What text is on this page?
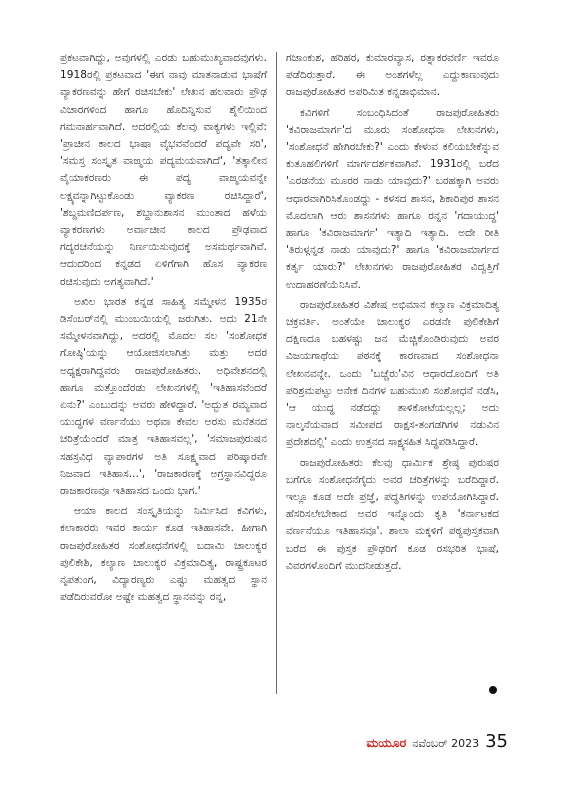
ಪ್ರಕಟವಾಗಿದ್ದು, ಅವುಗಳಲ್ಲಿ ಎರಡು ಬಹುಮುಖ್ಯವಾದವುಗಳು. 1918ರಲ್ಲಿ ಪ್ರಕಟವಾದ 'ಈಗ ನಾವು ಮಾತನಾಡುವ ಭಾಷೆಗೆ ವ್ಯಾಕರಣವನ್ನು ಹೇಗೆ ರಚಿಸಬೇಕು' ಲೇಖನ ಹಲವಾರು ಪ್ರೌಢ ವಿಚಾರಗಳಿಂದ ಹಾಗೂ ಹೊದಿನ್ನಿಸುವ ಶೈಲಿಯಿಂದ ಗಮನಾರ್ಹವಾಗಿದೆ. ಅದರಲ್ಲಿಯ ಕೆಲವು ವಾಕ್ಯಗಳು ಇಲ್ಲಿವೆ: 'ಪ್ರಾಚೀನ ಕಾಲದ ಭಾಷಾ ವೈಭವವೆಂದರೆ ಪದ್ಯವೇ ಸರಿ', 'ಸಮಸ್ತ ಸಂಸ್ಕೃತ ವಾಙ್ಮಯ ಪದ್ಯಮಯವಾಗಿದೆ', 'ತತ್ಕಾಲೀನ ವೈಯಾಕರಣರು ಈ ಪದ್ಯ ವಾಙ್ಮಯವನ್ನೇ ಲಕ್ಷ್ಯವನ್ನಾಗಿಟ್ಟುಕೊಂಡು ವ್ಯಾಕರಣ ರಚಿಸಿದ್ದಾರೆ', 'ಶಬ್ದಮಣಿದರ್ಪಣ, ಶಬ್ದಾನುಶಾಸನ ಮುಂತಾದ ಹಳೆಯ ವ್ಯಾಕರಣಗಳು ಅರ್ವಾಚೀನ ಕಾಲದ ಪ್ರೌಢವಾದ ಗದ್ಯರಚನೆಯನ್ನು ನಿರ್ಣಯಿಸುವುದಕ್ಕೆ ಅಸಮರ್ಥವಾಗಿವೆ. ಆದುದರಿಂದ ಕನ್ನಡದ ಏಳಿಗೆಗಾಗಿ ಹೊಸ ವ್ಯಾಕರಣ ರಚಿಸುವುದು ಅಗತ್ಯವಾಗಿದೆ.'

ಅಖಿಲ ಭಾರತ ಕನ್ನಡ ಸಾಹಿತ್ಯ ಸಮ್ಮೇಳನ 1935ರ ಡಿಸೆಂಬರ್‌ನಲ್ಲಿ ಮುಂಬಯಿಯಲ್ಲಿ ಜರುಗಿತು. ಅದು 21ನೇ ಸಮ್ಮೇಳನವಾಗಿದ್ದು, ಅದರಲ್ಲಿ ಮೊದಲ ಸಲ 'ಸಂಶೋಧಕ ಗೋಷ್ಠಿ'ಯನ್ನು ಆಯೋಜಿಸಲಾಗಿತ್ತು ಮತ್ತು ಅದರ ಅಧ್ಯಕ್ಷರಾಗಿದ್ದವರು ರಾಜಪುರೋಹಿತರು. ಅಧಿವೇಶನದಲ್ಲಿ ಹಾಗೂ ಮತ್ತೊಂದೆರಡು ಲೇಖನಗಳಲ್ಲಿ 'ಇತಿಹಾಸವೆಂದರೆ ಏನು?' ಎಂಬುದನ್ನು ಅವರು ಹೇಳಿದ್ದಾರೆ. 'ಅದ್ಭುತ ರಮ್ಯವಾದ ಯುದ್ಧಗಳ ವರ್ಣನೆಯು ಅಥವಾ ಕೇವಲ ಅರಸು ಮನೆತನದ ಚರಿತ್ರೆಯೆಂದರೆ ಮಾತ್ರ ಇತಿಹಾಸವಲ್ಲ', 'ಸಮಾಜಪುರುಷನ ಸಹಸ್ರವಿಧ ವ್ಯಾಪಾರಗಳ ಅತಿ ಸೂಕ್ಷ್ಮವಾದ ಪರಿಷ್ಕಾರವೇ ನಿಜವಾದ ಇತಿಹಾಸ...', 'ರಾಜಕಾರಣಕ್ಕೆ ಅಗ್ರಸ್ಥಾನವಿದ್ದರೂ ರಾಜಕಾರಣವೂ ಇತಿಹಾಸದ ಒಂದು ಭಾಗ.'

ಆಯಾ ಕಾಲದ ಸಂಸ್ಕೃತಿಯನ್ನು ನಿರ್ಮಿಸಿದ ಕವಿಗಳು, ಕಲಾಕಾರರು ಇವರ ಕಾರ್ಯ ಕೂಡ ಇತಿಹಾಸವೇ. ಹೀಗಾಗಿ ರಾಜಪುರೋಹಿತರ ಸಂಶೋಧನೆಗಳಲ್ಲಿ ಬದಾಮಿ ಚಾಲುಕ್ಯರ ಪುಲಿಕೇಶಿ, ಕಲ್ಯಾಣ ಚಾಲುಕ್ಯರ ವಿಕ್ರಮಾದಿತ್ಯ, ರಾಷ್ಟ್ರಕೂಟರ ನೃಪತುಂಗ, ವಿದ್ಯಾರಣ್ಯರು ಎಷ್ಟು ಮಹತ್ವದ ಸ್ಥಾನ ಪಡೆದಿರುವರೋ ಅಷ್ಟೇ ಮಹತ್ವದ ಸ್ಥಾನವನ್ನು ರನ್ನ,

ಗಜಾಂಕುಶ, ಹರಿಹರ, ಕುಮಾರವ್ಯಾಸ, ರತ್ನಾಕರವರ್ಣಿ ಇವರೂ ಪಡೆದಿರುತ್ತಾರೆ. ಈ ಅಂಶಗಳೆಲ್ಲ ಎದ್ದುಕಾಣುವುದು ರಾಜಪುರೋಹಿತರ ಅಪರಿಮಿತ ಕನ್ನಡಾಭಿಮಾನ.

ಕವಿಗಳಿಗೆ ಸಂಬಂಧಿಸಿದಂತೆ ರಾಜಪುರೋಹಿತರು 'ಕವಿರಾಜಮಾರ್ಗ'ದ ಮೂರು ಸಂಶೋಧನಾ ಲೇಖನಗಳು, 'ಸಂಶೋಧನೆ ಹೇಗಿರಬೇಕು?' ಎಂದು ಕೇಳುವ ಕಲಿಯಬೇಕೆನ್ನುವ ಕುತೂಹಲಿಗಳಿಗೆ ಮಾರ್ಗದರ್ಶಕವಾಗಿವೆ. 1931ರಲ್ಲಿ ಬರೆದ 'ಎರಡನೆಯ ಮೂರರ ನಾಡು ಯಾವುದು?' ಬರಹಕ್ಕಾಗಿ ಅವರು ಆಧಾರವಾಗಿರಿಸಿಕೊಂಡದ್ದು - ಕಳಸದ ಶಾಸನ, ಶಿಕಾರಿಪುರ ಶಾಸನ ಮೊದಲಾಗಿ ಆರು ಶಾಸನಗಳು ಹಾಗೂ ರನ್ನನ 'ಗದಾಯುದ್ಧ' ಹಾಗೂ 'ಕವಿರಾಜಮಾರ್ಗ' ಇತ್ಯಾದಿ ಇತ್ಯಾದಿ. ಅದೇ ರೀತಿ 'ತಿರುಳ್ಗನ್ನಡ ನಾಡು ಯಾವುದು?' ಹಾಗೂ 'ಕವಿರಾಜಮಾರ್ಗದ ಕರ್ತೃ ಯಾರು?' ಲೇಖನಗಳು ರಾಜಪುರೋಹಿತರ ವಿದ್ವತ್ತಿಗೆ ಉದಾಹರಣೆಯೆನಿಸಿವೆ.

ರಾಜಪುರೋಹಿತರ ವಿಶೇಷ ಅಭಿಮಾನ ಕಲ್ಯಾಣ ವಿಕ್ರಮಾದಿತ್ಯ ಚಕ್ರವರ್ತಿ. ಅಂತೆಯೇ ಚಾಲುಕ್ಯರ ಎರಡನೇ ಪುಲಿಕೇಶಿಗೆ ದಕ್ಷಿಣದೂ ಬಹಳಷ್ಟು ಜನ ಮೆಚ್ಚಿಕೊಂಡಿರುವುದು ಅವರ ವಿಜಯಗಾಥೆಯ ಪಠನಕ್ಕೆ ಕಾರಣವಾದ ಸಂಶೋಧನಾ ಲೇಖನವನ್ನೇ. ಒಂದು 'ಬಚ್ಚೆರು'ವಿನ ಆಧಾರದೊಂದಿಗೆ ಅತಿ ಪರಿಶ್ರಮಪಟ್ಟು ಅನೇಕ ದಿನಗಳ ಬಹುಮುಖಿ ಸಂಶೋಧನೆ ನಡೆಸಿ, 'ಆ ಯುದ್ಧ ನಡೆದದ್ದು ತಾಳಿಕೋಟೆಯಲ್ಲಲ್ಲ; ಅದು ನಾಲ್ಕನೆಯವಾದ ಸಮೀಪದ ರಾಕ್ಷಸ-ತಂಗಡಗಿಗಳ ನಡುವಿನ ಪ್ರದೇಶದಲ್ಲಿ' ಎಂದು ಉತ್ತನದ ಸಾಕ್ಷ್ಯಸಹಿತ ಸಿದ್ಧಪಡಿಸಿದ್ದಾರೆ.

ರಾಜಪುರೋಹಿತರು ಕೆಲವು ಧಾರ್ಮಿಕ ಶ್ರೇಷ್ಠ ಪುರುಷರ ಬಗೆಗೂ ಸಂಶೋಧನೆಗೈದು ಅವರ ಚರಿತ್ರೆಗಳನ್ನು ಬರೆದಿದ್ದಾರೆ. ಇಲ್ಲೂ ಕೂಡ ಅದೇ ಪ್ರಜ್ಞೆ, ಪದ್ಧತಿಗಳನ್ನು ಉಪಯೋಗಿಸಿದ್ದಾರೆ. ಹೆಸರಿಸಲೇಬೇಕಾದ ಅವರ ಇನ್ನೊಂದು ಕೃತಿ 'ಕರ್ನಾಟಕದ ವರ್ಣನೆಯೂ ಇತಿಹಾಸವೂ'. ಶಾಲಾ ಮಕ್ಕಳಿಗೆ ಪಠ್ಯಪುಸ್ತಕವಾಗಿ ಬರೆದ ಈ ಪುಸ್ತಕ ಪ್ರೌಢರಿಗೆ ಕೂಡ ರಸಭರಿತ ಭಾಷೆ, ವಿವರಗಳೊಂದಿಗೆ ಮುದನೀಡುತ್ತದೆ.

ಮಯೂರ ನವೆಂಬರ್ 2023 35
